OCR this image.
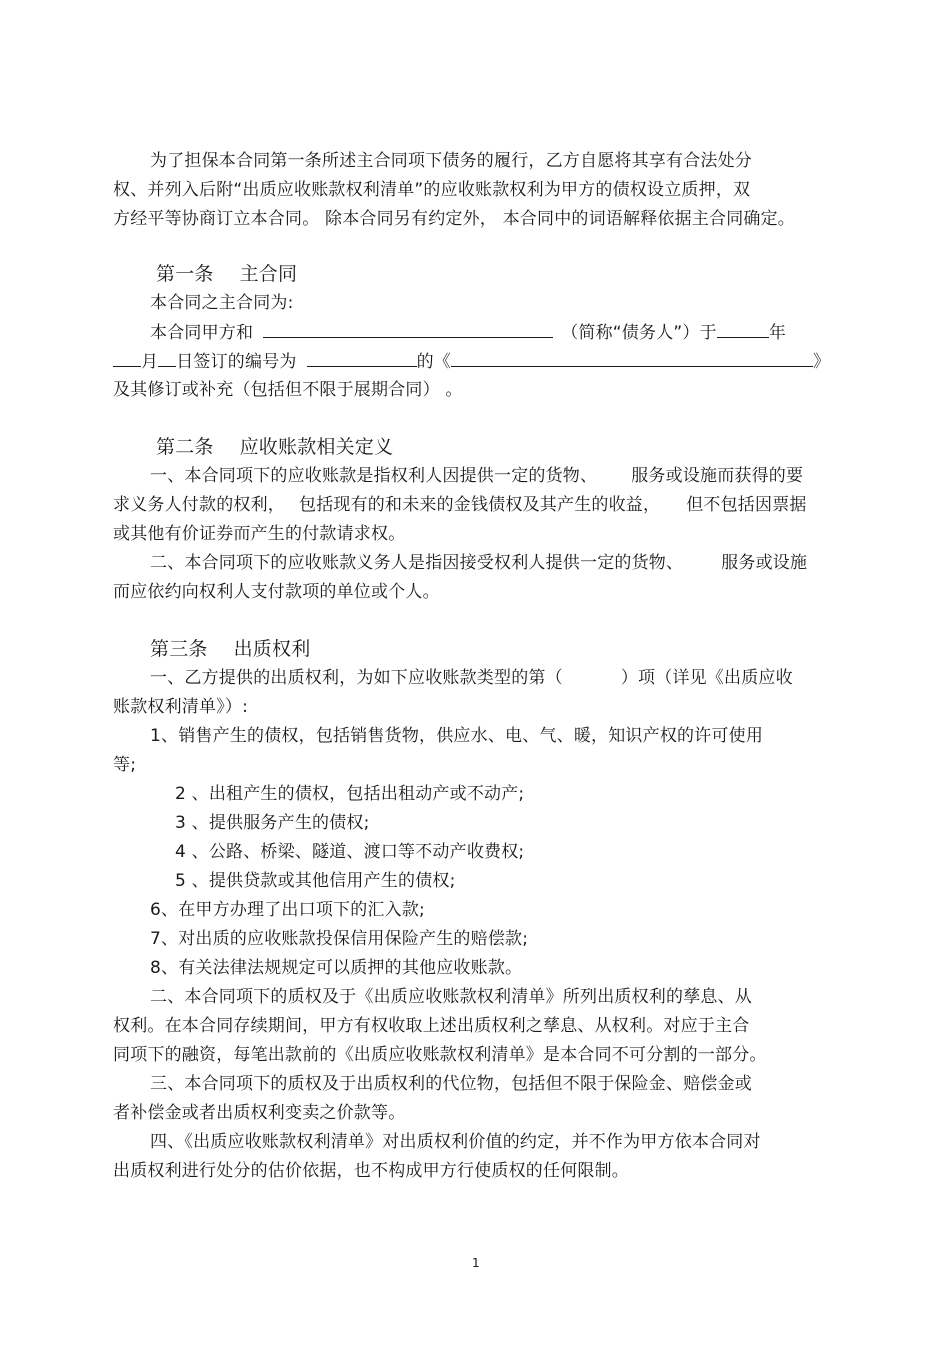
为了担保本合同第一条所述主合同项下债务的履行，乙方自愿将其享有合法处分
权、并列入后附“出质应收账款权利清单”的应收账款权利为甲方的债权设立质押，双
方经平等协商订立本合同。 除本合同另有约定外， 本合同中的词语解释依据主合同确定。
第一条 主合同
本合同之主合同为:
本合同甲方和	（简称“债务人”）于	年
月 日签订的编号为	的《	》
及其修订或补充（包括但不限于展期合同） 。
第二条 应收账款相关定义
一、本合同项下的应收账款是指权利人因提供一定的货物、 服务或设施而获得的要
求义务人付款的权利， 包括现有的和未来的金钱债权及其产生的收益， 但不包括因票据
或其他有价证券而产生的付款请求权。
二、本合同项下的应收账款义务人是指因接受权利人提供一定的货物、 服务或设施
而应依约向权利人支付款项的单位或个人。
第三条 出质权利
一、乙方提供的出质权利，为如下应收账款类型的第（	）项（详见《出质应收
账款权利清单》）:
1、销售产生的债权，包括销售货物，供应水、电、气、暖，知识产权的许可使用
等;
2 、出租产生的债权，包括出租动产或不动产;
3 、提供服务产生的债权;
4 、公路、桥梁、隧道、渡口等不动产收费权;
5 、提供贷款或其他信用产生的债权;
6、在甲方办理了出口项下的汇入款;
7、对出质的应收账款投保信用保险产生的赔偿款;
8、有关法律法规规定可以质押的其他应收账款。
二、本合同项下的质权及于《出质应收账款权利清单》所列出质权利的孳息、从
权利。在本合同存续期间，甲方有权收取上述出质权利之孳息、从权利。对应于主合
同项下的融资，每笔出款前的《出质应收账款权利清单》是本合同不可分割的一部分。
三、本合同项下的质权及于出质权利的代位物，包括但不限于保险金、赔偿金或
者补偿金或者出质权利变卖之价款等。
四、《出质应收账款权利清单》对出质权利价值的约定，并不作为甲方依本合同对
出质权利进行处分的估价依据，也不构成甲方行使质权的任何限制。
1
